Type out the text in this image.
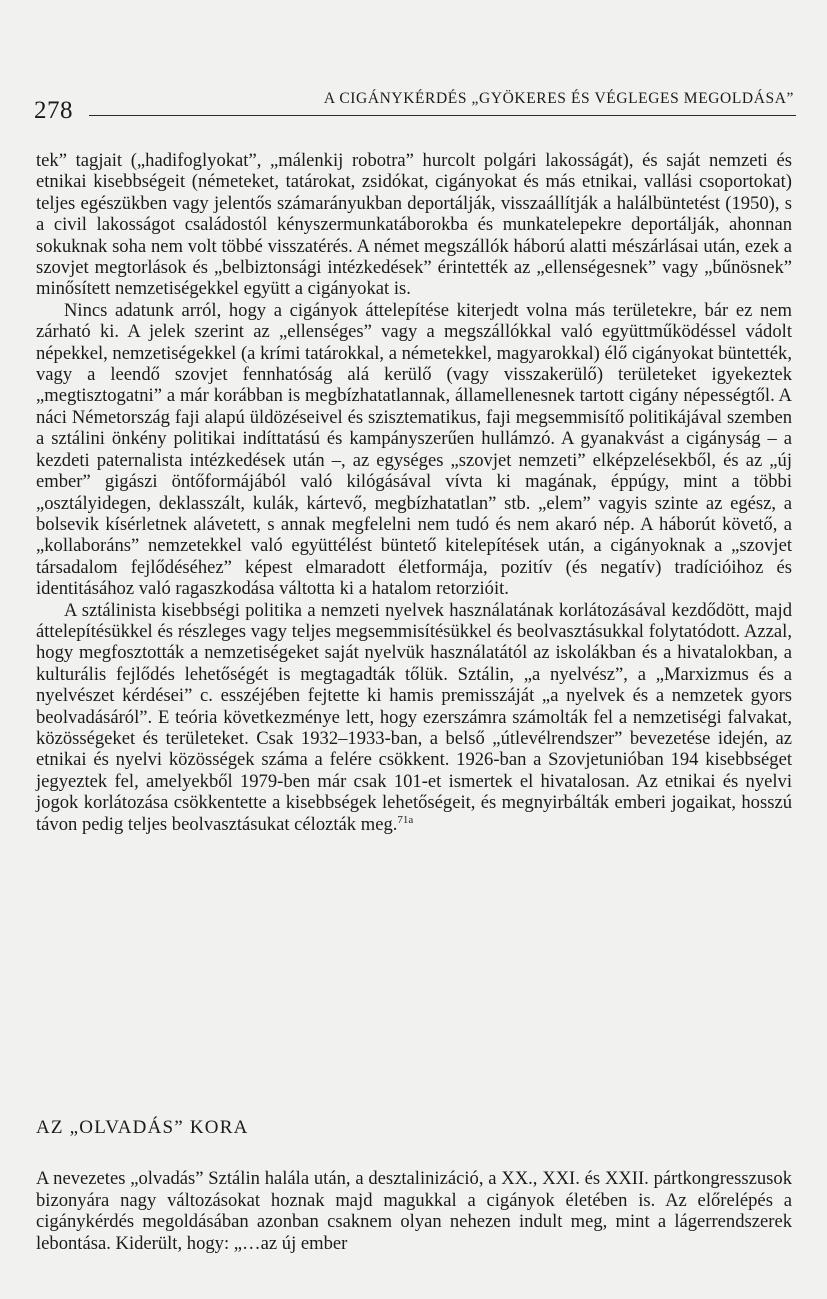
278	A CIGÁNYKÉRDÉS „GYÖKERES ÉS VÉGLEGES MEGOLDÁSA”

tek” tagjait („hadifoglyokat”, „málenkij robotra” hurcolt polgári lakosságát), és saját nemzeti és etnikai kisebbségeit (németeket, tatárokat, zsidókat, cigányokat és más etnikai, vallási csoportokat) teljes egészükben vagy jelentős számarányukban deportálják, visszaállítják a halálbüntetést (1950), s a civil lakosságot családostól kényszermunkatáborokba és munkatelepekre deportálják, ahonnan sokuknak soha nem volt többé visszatérés. A német megszállók háború alatti mészárlásai után, ezek a szovjet megtorlások és „belbiztonsági intézkedések” érintették az „ellenségesnek” vagy „bűnösnek” minősített nemzetiségekkel együtt a cigányokat is.

Nincs adatunk arról, hogy a cigányok áttelepítése kiterjedt volna más területekre, bár ez nem zárható ki. A jelek szerint az „ellenséges” vagy a megszállókkal való együttműködéssel vádolt népekkel, nemzetiségekkel (a krími tatárokkal, a németekkel, magyarokkal) élő cigányokat büntették, vagy a leendő szovjet fennhatóság alá kerülő (vagy visszakerülő) területeket igyekeztek „megtisztogatni” a már korábban is megbízhatatlannak, államellenesnek tartott cigány népességtől. A náci Németország faji alapú üldözéseivel és szisztematikus, faji megsemmisítő politikájával szemben a sztálini önkény politikai indíttatású és kampányszerűen hullámzó. A gyanakvást a cigányság – a kezdeti paternalista intézkedések után –, az egységes „szovjet nemzeti” elképzelésekből, és az „új ember” gigászi öntőformájából való kilógásával vívta ki magának, éppúgy, mint a többi „osztályidegen, deklasszált, kulák, kártevő, megbízhatatlan” stb. „elem” vagyis szinte az egész, a bolsevik kísérletnek alávetett, s annak megfelelni nem tudó és nem akaró nép. A háborút követő, a „kollaboráns” nemzetekkel való együttélést büntető kitelepítések után, a cigányoknak a „szovjet társadalom fejlődéséhez” képest elmaradott életformája, pozitív (és negatív) tradícióihoz és identitásához való ragaszkodása váltotta ki a hatalom retorzióit.

A sztálinista kisebbségi politika a nemzeti nyelvek használatának korlátozásával kezdődött, majd áttelepítésükkel és részleges vagy teljes megsemmisítésükkel és beolvasztásukkal folytatódott. Azzal, hogy megfosztották a nemzetiségeket saját nyelvük használatától az iskolákban és a hivatalokban, a kulturális fejlődés lehetőségét is megtagadták tőlük. Sztálin, „a nyelvész”, a „Marxizmus és a nyelvészet kérdései” c. esszéjében fejtette ki hamis premisszáját „a nyelvek és a nemzetek gyors beolvadásáról”. E teória következménye lett, hogy ezerszámra számolták fel a nemzetiségi falvakat, közösségeket és területeket. Csak 1932–1933-ban, a belső „útlevélrendszer” bevezetése idején, az etnikai és nyelvi közösségek száma a felére csökkent. 1926-ban a Szovjetunióban 194 kisebbséget jegyeztek fel, amelyekből 1979-ben már csak 101-et ismertek el hivatalosan. Az etnikai és nyelvi jogok korlátozása csökkentette a kisebbségek lehetőségeit, és megnyirbálták emberi jogaikat, hosszú távon pedig teljes beolvasztásukat célozták meg.$^{71a}$

AZ „OLVADÁS” KORA

A nevezetes „olvadás” Sztálin halála után, a desztalinizáció, a XX., XXI. és XXII. pártkongresszusok bizonyára nagy változásokat hoznak majd magukkal a cigányok életében is. Az előrelépés a cigánykérdés megoldásában azonban csaknem olyan nehezen indult meg, mint a lágerrendszerek lebontása. Kiderült, hogy: „…az új ember
